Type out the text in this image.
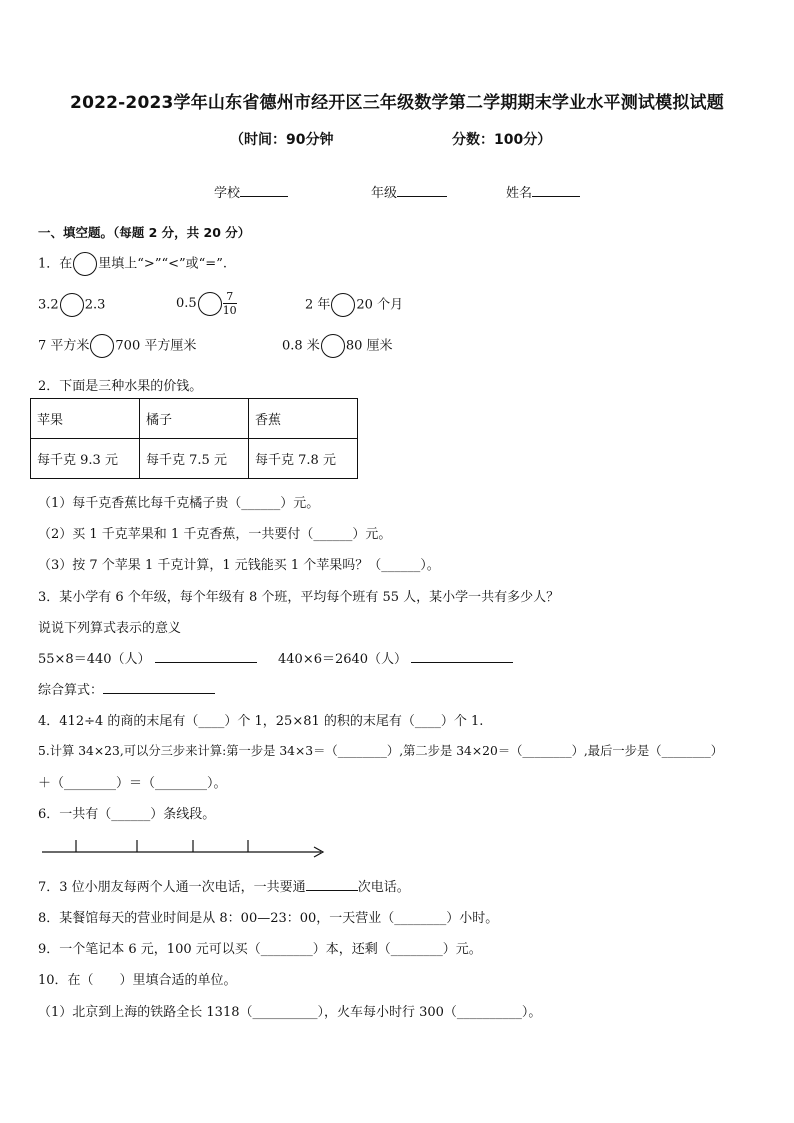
2022-2023学年山东省德州市经开区三年级数学第二学期期末学业水平测试模拟试题
（时间：90分钟	分数：100分）
学校	年级	姓名
一、填空题。（每题 2 分，共 20 分）
1．在 里填上“>”“<”或“=”.
3.2 2.3	$0.5 \frac{7}{10}$	2 年 20 个月
7 平方米 700 平方厘米	0.8 米 80 厘米
2．下面是三种水果的价钱。
苹果	橘子	香蕉
每千克 9.3 元	每千克 7.5 元	每千克 7.8 元
（1）每千克香蕉比每千克橘子贵（______）元。
（2）买 1 千克苹果和 1 千克香蕉，一共要付（______）元。
（3）按 7 个苹果 1 千克计算，1 元钱能买 1 个苹果吗？（______）。
3．某小学有 6 个年级，每个年级有 8 个班，平均每个班有 55 人，某小学一共有多少人？
说说下列算式表示的意义
55×8＝440（人）	440×6＝2640（人）
综合算式：
4．412÷4 的商的末尾有（____）个 1，25×81 的积的末尾有（____）个 1.
5.计算 34×23,可以分三步来计算:第一步是 34×3＝（________）,第二步是 34×20＝（________）,最后一步是（________）
＋（________）＝（________）。
6．一共有（______）条线段。
7．3 位小朋友每两个人通一次电话，一共要通	次电话。
8．某餐馆每天的营业时间是从 8：00—23：00，一天营业（________）小时。
9．一个笔记本 6 元，100 元可以买（________）本，还剩（________）元。
10．在（　　）里填合适的单位。
（1）北京到上海的铁路全长 1318（__________），火车每小时行 300（__________）。
